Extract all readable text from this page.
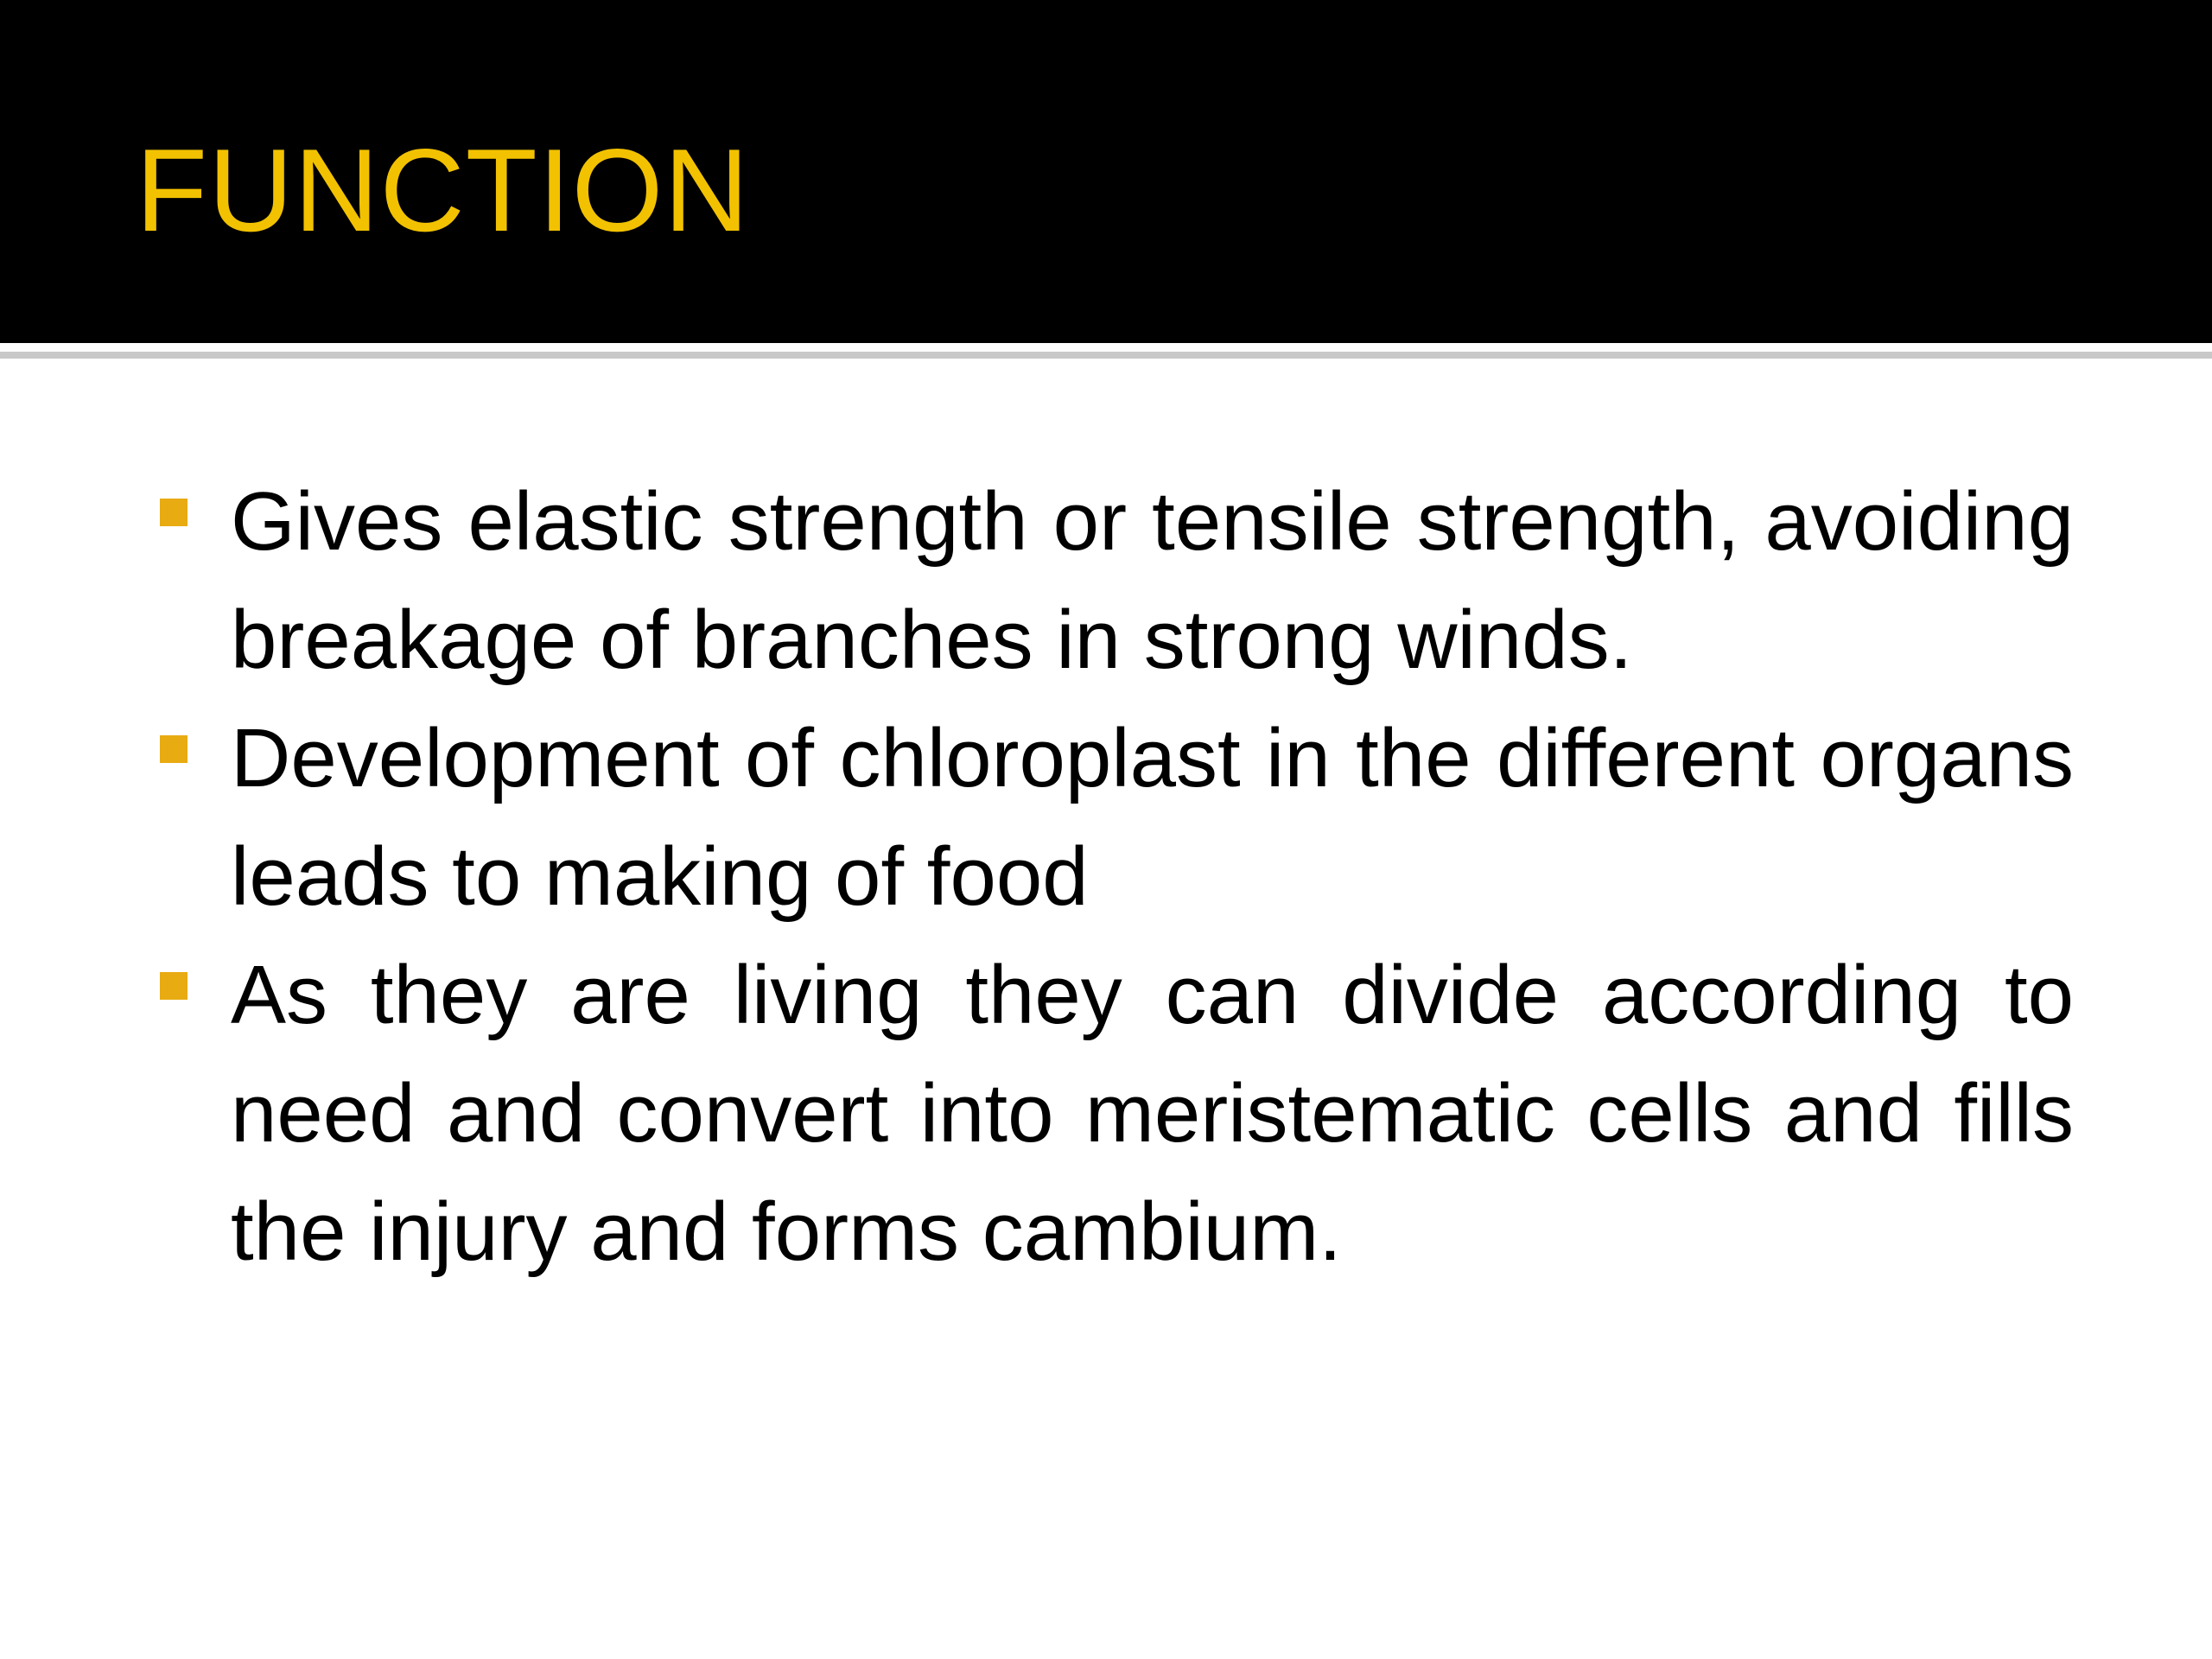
FUNCTION
Gives elastic strength or tensile strength, avoiding breakage of branches in strong winds.
Development of chloroplast in the different organs leads to making of food
As they are living they can divide according to need and convert into meristematic cells and fills the injury and forms cambium.
